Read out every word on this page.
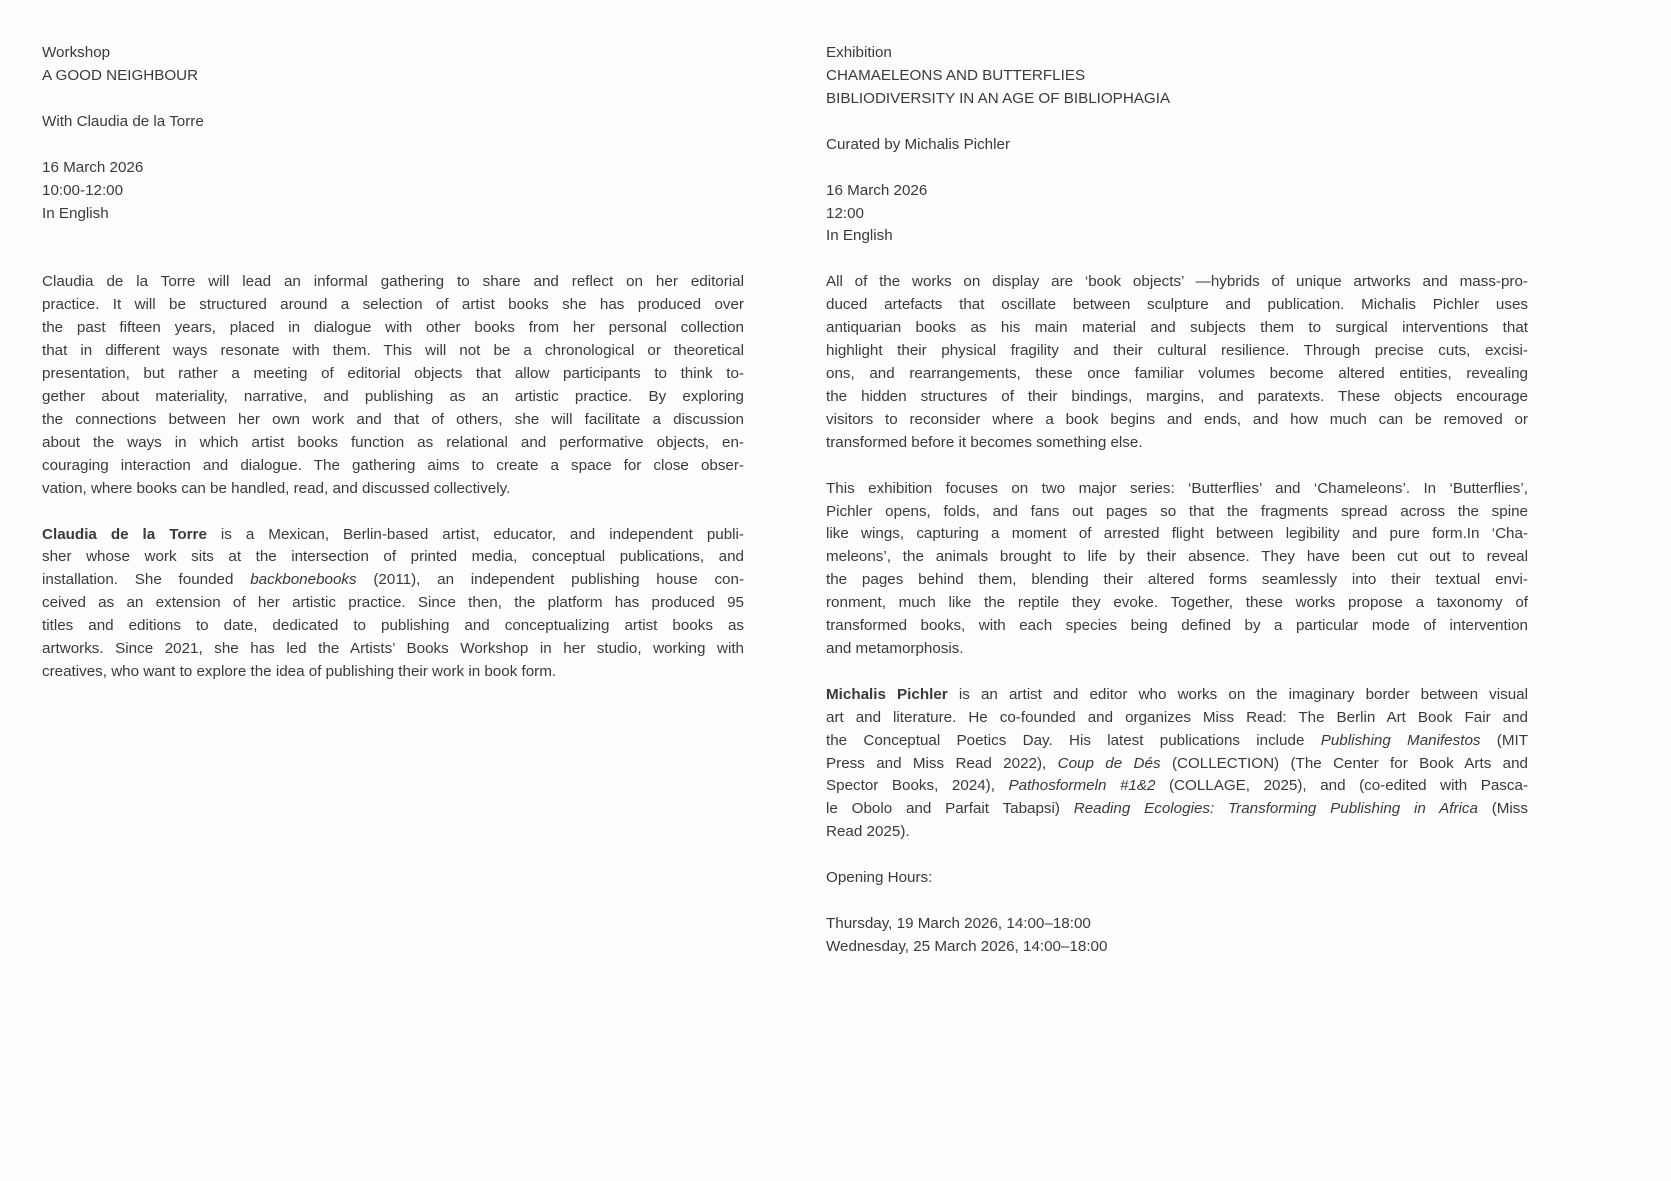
Workshop
A GOOD NEIGHBOUR
With Claudia de la Torre
16 March 2026
10:00-12:00
In English
Claudia de la Torre will lead an informal gathering to share and reflect on her editorial
practice. It will be structured around a selection of artist books she has produced over
the past fifteen years, placed in dialogue with other books from her personal collection
that in different ways resonate with them. This will not be a chronological or theoretical
presentation, but rather a meeting of editorial objects that allow participants to think to-
gether about materiality, narrative, and publishing as an artistic practice. By exploring
the connections between her own work and that of others, she will facilitate a discussion
about the ways in which artist books function as relational and performative objects, en-
couraging interaction and dialogue. The gathering aims to create a space for close obser-
vation, where books can be handled, read, and discussed collectively.
Claudia de la Torre is a Mexican, Berlin-based artist, educator, and independent publi-
sher whose work sits at the intersection of printed media, conceptual publications, and
installation. She founded backbonebooks (2011), an independent publishing house con-
ceived as an extension of her artistic practice. Since then, the platform has produced 95
titles and editions to date, dedicated to publishing and conceptualizing artist books as
artworks. Since 2021, she has led the Artists’ Books Workshop in her studio, working with
creatives, who want to explore the idea of publishing their work in book form.
Exhibition
CHAMAELEONS AND BUTTERFLIES
BIBLIODIVERSITY IN AN AGE OF BIBLIOPHAGIA
Curated by Michalis Pichler
16 March 2026
12:00
In English
All of the works on display are ‘book objects’ —hybrids of unique artworks and mass-pro-
duced artefacts that oscillate between sculpture and publication. Michalis Pichler uses
antiquarian books as his main material and subjects them to surgical interventions that
highlight their physical fragility and their cultural resilience. Through precise cuts, excisi-
ons, and rearrangements, these once familiar volumes become altered entities, revealing
the hidden structures of their bindings, margins, and paratexts. These objects encourage
visitors to reconsider where a book begins and ends, and how much can be removed or
transformed before it becomes something else.
This exhibition focuses on two major series: ‘Butterflies’ and ‘Chameleons’. In ‘Butterflies’,
Pichler opens, folds, and fans out pages so that the fragments spread across the spine
like wings, capturing a moment of arrested flight between legibility and pure form.In ‘Cha-
meleons’, the animals brought to life by their absence. They have been cut out to reveal
the pages behind them, blending their altered forms seamlessly into their textual envi-
ronment, much like the reptile they evoke. Together, these works propose a taxonomy of
transformed books, with each species being defined by a particular mode of intervention
and metamorphosis.
Michalis Pichler is an artist and editor who works on the imaginary border between visual
art and literature. He co-founded and organizes Miss Read: The Berlin Art Book Fair and
the Conceptual Poetics Day. His latest publications include Publishing Manifestos (MIT
Press and Miss Read 2022), Coup de Dés (COLLECTION) (The Center for Book Arts and
Spector Books, 2024), Pathosformeln #1&2 (COLLAGE, 2025), and (co-edited with Pasca-
le Obolo and Parfait Tabapsi) Reading Ecologies: Transforming Publishing in Africa (Miss
Read 2025).
Opening Hours:
Thursday, 19 March 2026, 14:00–18:00
Wednesday, 25 March 2026, 14:00–18:00
